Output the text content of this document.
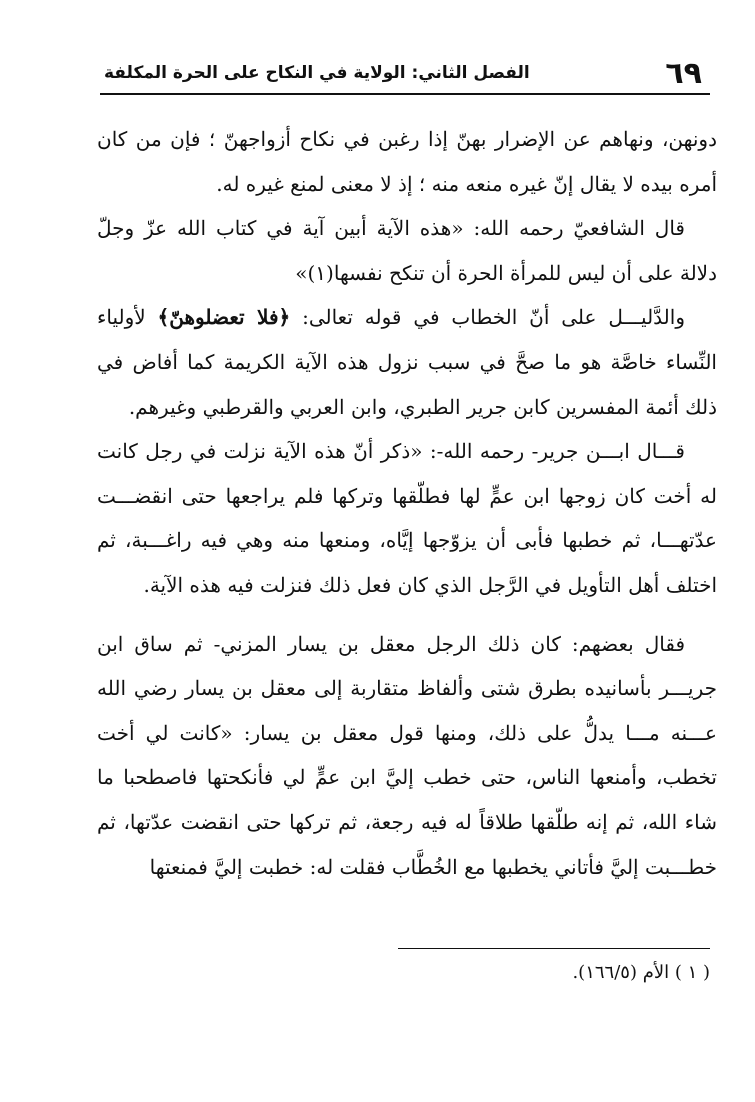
٦٩
الفصل الثاني: الولاية في النكاح على الحرة المكلفة

دونهن، ونهاهم عن الإضرار بهنّ إذا رغبن في نكاح أزواجهنّ ؛ فإن من كان أمره بيده لا يقال إنّ غيره منعه منه ؛ إذ لا معنى لمنع غيره له.

قال الشافعيّ رحمه الله: «هذه الآية أبين آية في كتاب الله عزّ وجلّ دلالة على أن ليس للمرأة الحرة أن تنكح نفسها(١)»

والدَّليـــل على أنّ الخطاب في قوله تعالى: ﴿فلا تعضلوهنّ﴾ لأولياء النِّساء خاصَّة هو ما صحَّ في سبب نزول هذه الآية الكريمة كما أفاض في ذلك أئمة المفسرين كابن جرير الطبري، وابن العربي والقرطبي وغيرهم.

قـــال ابـــن جرير- رحمه الله-: «ذكر أنّ هذه الآية نزلت في رجل كانت له أخت كان زوجها ابن عمٍّ لها فطلّقها وتركها فلم يراجعها حتى انقضـــت عدّتهـــا، ثم خطبها فأبى أن يزوّجها إيَّاه، ومنعها منه وهي فيه راغـــبة، ثم اختلف أهل التأويل في الرَّجل الذي كان فعل ذلك فنزلت فيه هذه الآية.

فقال بعضهم: كان ذلك الرجل معقل بن يسار المزني- ثم ساق ابن جريـــر بأسانيده بطرق شتى وألفاظ متقاربة إلى معقل بن يسار رضي الله عـــنه مـــا يدلُّ على ذلك، ومنها قول معقل بن يسار: «كانت لي أخت تخطب، وأمنعها الناس، حتى خطب إليَّ ابن عمٍّ لي فأنكحتها فاصطحبا ما شاء الله، ثم إنه طلّقها طلاقاً له فيه رجعة، ثم تركها حتى انقضت عدّتها، ثم خطـــبت إليَّ فأتاني يخطبها مع الخُطَّاب فقلت له: خطبت إليَّ فمنعتها

( ١ ) الأم (١٦٦/٥).
